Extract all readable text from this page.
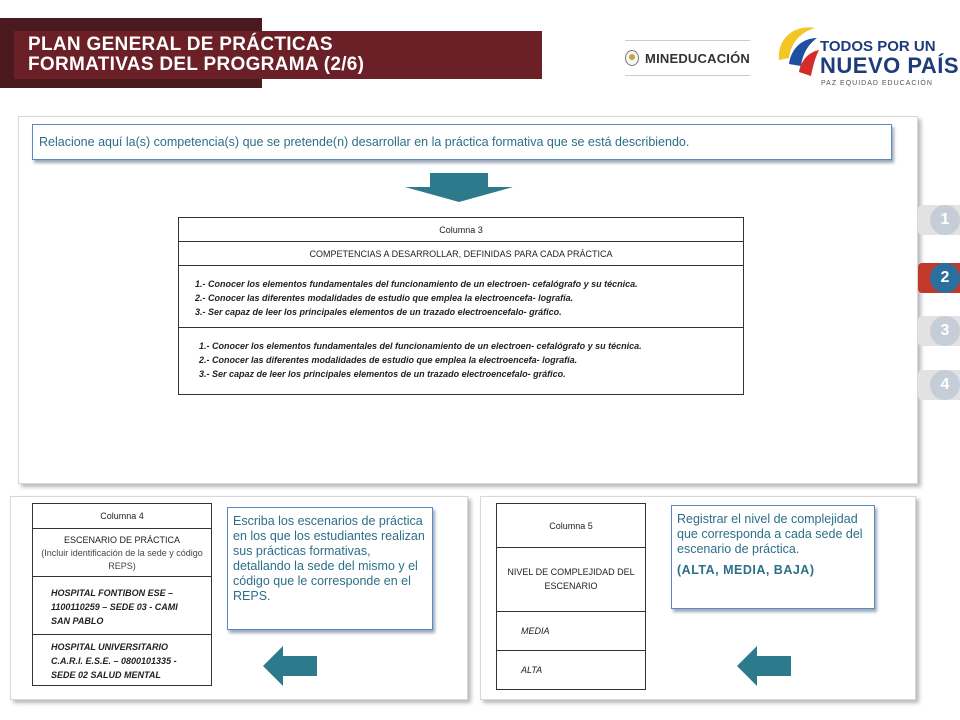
PLAN GENERAL DE PRÁCTICAS
FORMATIVAS DEL PROGRAMA (2/6)	MINEDUCACIÓN
TODOS POR UN
NUEVO PAÍS
PAZ EQUIDAD EDUCACIÓN
Relacione aquí la(s) competencia(s) que se pretende(n) desarrollar en la práctica formativa que se está describiendo.
Columna 3
COMPETENCIAS A DESARROLLAR, DEFINIDAS PARA CADA PRÁCTICA
1.- Conocer los elementos fundamentales del funcionamiento de un electroen- cefalógrafo y su técnica.
2.- Conocer las diferentes modalidades de estudio que emplea la electroencefa- lografía.
3.- Ser capaz de leer los principales elementos de un trazado electroencefalo- gráfico.
1.- Conocer los elementos fundamentales del funcionamiento de un electroen- cefalógrafo y su técnica.
2.- Conocer las diferentes modalidades de estudio que emplea la electroencefa- lografía.
3.- Ser capaz de leer los principales elementos de un trazado electroencefalo- gráfico.
1
2
3
4
Columna 4
ESCENARIO DE PRÁCTICA
(Incluir identificación de la sede y código REPS)
HOSPITAL FONTIBON ESE – 1100110259 – SEDE 03 - CAMI SAN PABLO
HOSPITAL UNIVERSITARIO C.A.R.I. E.S.E. – 0800101335 - SEDE 02 SALUD MENTAL
Escriba los escenarios de práctica en los que los estudiantes realizan sus prácticas formativas, detallando la sede del mismo y el código que le corresponde en el REPS.
Columna 5
NIVEL DE COMPLEJIDAD DEL ESCENARIO
MEDIA
ALTA
Registrar el nivel de complejidad que corresponda a cada sede del escenario de práctica.
(ALTA, MEDIA, BAJA)
